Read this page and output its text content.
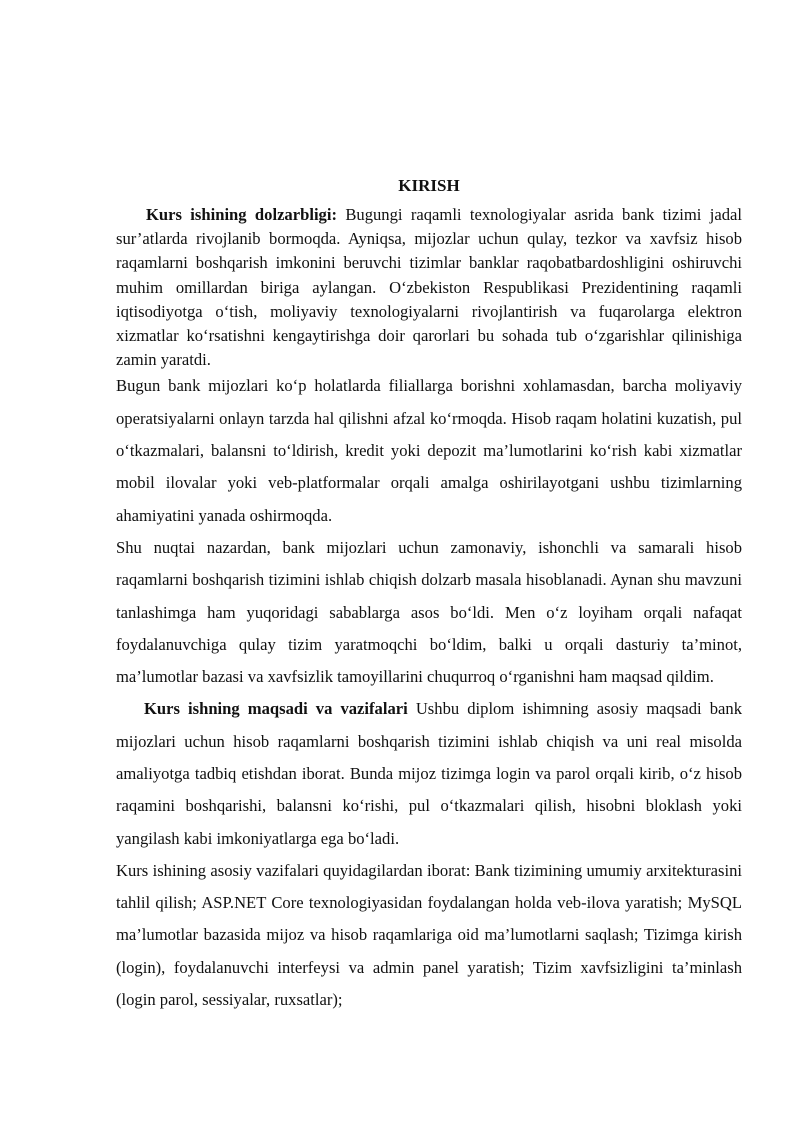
KIRISH

Kurs ishining dolzarbligi: Bugungi raqamli texnologiyalar asrida bank tizimi jadal sur’atlarda rivojlanib bormoqda. Ayniqsa, mijozlar uchun qulay, tezkor va xavfsiz hisob raqamlarni boshqarish imkonini beruvchi tizimlar banklar raqobatbardoshligini oshiruvchi muhim omillardan biriga aylangan. O‘zbekiston Respublikasi Prezidentining raqamli iqtisodiyotga o‘tish, moliyaviy texnologiyalarni rivojlantirish va fuqarolarga elektron xizmatlar ko‘rsatishni kengaytirishga doir qarorlari bu sohada tub o‘zgarishlar qilinishiga zamin yaratdi.

Bugun bank mijozlari ko‘p holatlarda filiallarga borishni xohlamasdan, barcha moliyaviy operatsiyalarni onlayn tarzda hal qilishni afzal ko‘rmoqda. Hisob raqam holatini kuzatish, pul o‘tkazmalari, balansni to‘ldirish, kredit yoki depozit ma’lumotlarini ko‘rish kabi xizmatlar mobil ilovalar yoki veb-platformalar orqali amalga oshirilayotgani ushbu tizimlarning ahamiyatini yanada oshirmoqda.

Shu nuqtai nazardan, bank mijozlari uchun zamonaviy, ishonchli va samarali hisob raqamlarni boshqarish tizimini ishlab chiqish dolzarb masala hisoblanadi. Aynan shu mavzuni tanlashimga ham yuqoridagi sabablarga asos bo‘ldi. Men o‘z loyiham orqali nafaqat foydalanuvchiga qulay tizim yaratmoqchi bo‘ldim, balki u orqali dasturiy ta’minot, ma’lumotlar bazasi va xavfsizlik tamoyillarini chuqurroq o‘rganishni ham maqsad qildim.

Kurs ishning maqsadi va vazifalari Ushbu diplom ishimning asosiy maqsadi bank mijozlari uchun hisob raqamlarni boshqarish tizimini ishlab chiqish va uni real misolda amaliyotga tadbiq etishdan iborat. Bunda mijoz tizimga login va parol orqali kirib, o‘z hisob raqamini boshqarishi, balansni ko‘rishi, pul o‘tkazmalari qilish, hisobni bloklash yoki yangilash kabi imkoniyatlarga ega bo‘ladi.

Kurs ishining asosiy vazifalari quyidagilardan iborat: Bank tizimining umumiy arxitekturasini tahlil qilish; ASP.NET Core texnologiyasidan foydalangan holda veb-ilova yaratish; MySQL ma’lumotlar bazasida mijoz va hisob raqamlariga oid ma’lumotlarni saqlash; Tizimga kirish (login), foydalanuvchi interfeysi va admin panel yaratish; Tizim xavfsizligini ta’minlash (login parol, sessiyalar, ruxsatlar);
